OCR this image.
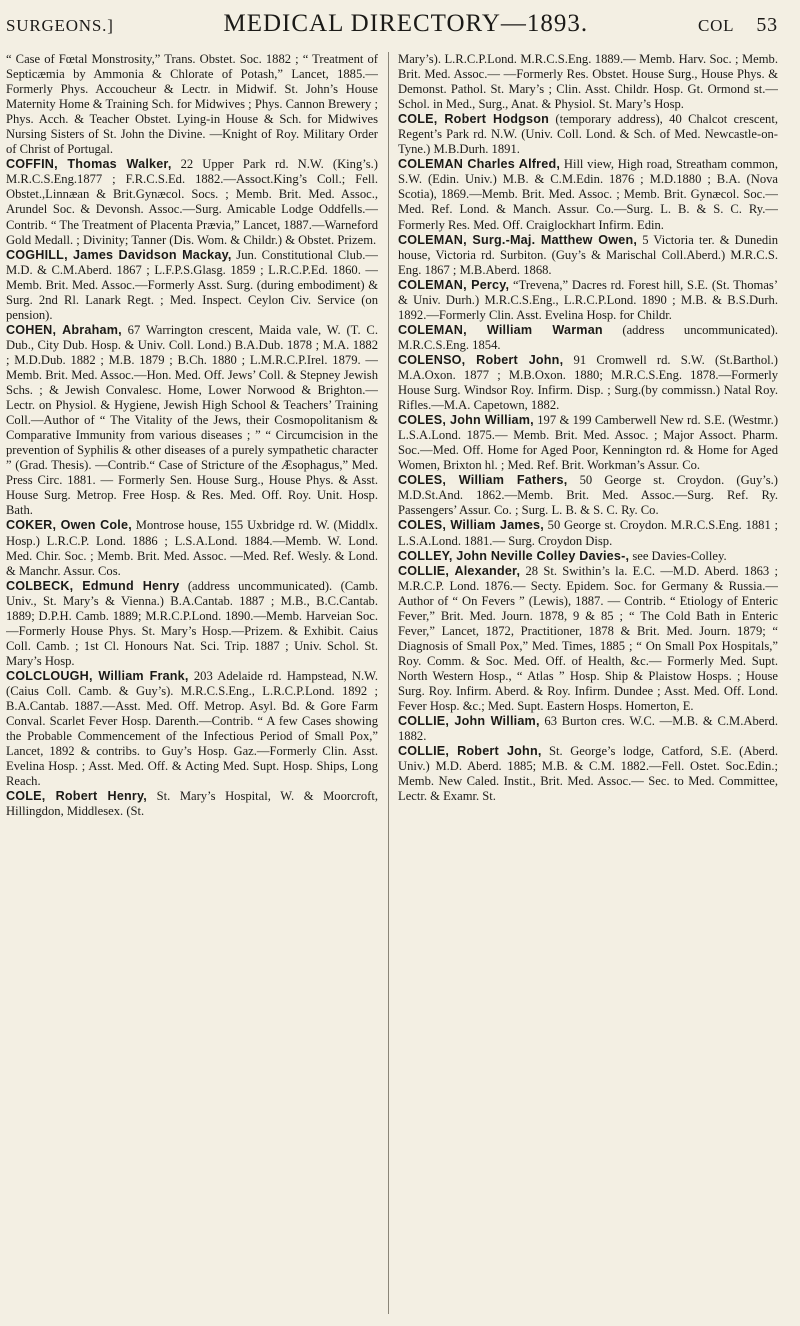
SURGEONS.]	MEDICAL DIRECTORY—1893.	COL 53

“ Case of Fœtal Monstrosity,” Trans. Obstet. Soc. 1882 ; “ Treatment of Septicæmia by Ammonia & Chlorate of Potash,” Lancet, 1885.—Formerly Phys. Accoucheur & Lectr. in Midwif. St. John’s House Maternity Home & Training Sch. for Midwives ; Phys. Cannon Brewery ; Phys. Acch. & Teacher Obstet. Lying-in House & Sch. for Midwives Nursing Sisters of St. John the Divine. —Knight of Roy. Military Order of Christ of Portugal.

COFFIN, Thomas Walker, 22 Upper Park rd. N.W. (King’s.) M.R.C.S.Eng.1877 ; F.R.C.S.Ed. 1882.—Assoct.King’s Coll.; Fell. Obstet.,Linnæan & Brit.Gynæcol. Socs. ; Memb. Brit. Med. Assoc., Arundel Soc. & Devonsh. Assoc.—Surg. Amicable Lodge Oddfells.—Contrib. “ The Treatment of Placenta Prævia,” Lancet, 1887.—Warneford Gold Medall. ; Divinity; Tanner (Dis. Wom. & Childr.) & Obstet. Prizem.

COGHILL, James Davidson Mackay, Jun. Constitutional Club.—M.D. & C.M.Aberd. 1867 ; L.F.P.S.Glasg. 1859 ; L.R.C.P.Ed. 1860. — Memb. Brit. Med. Assoc.—Formerly Asst. Surg. (during embodiment) & Surg. 2nd Rl. Lanark Regt. ; Med. Inspect. Ceylon Civ. Service (on pension).

COHEN, Abraham, 67 Warrington crescent, Maida vale, W. (T. C. Dub., City Dub. Hosp. & Univ. Coll. Lond.) B.A.Dub. 1878 ; M.A. 1882 ; M.D.Dub. 1882 ; M.B. 1879 ; B.Ch. 1880 ; L.M.R.C.P.Irel. 1879. — Memb. Brit. Med. Assoc.—Hon. Med. Off. Jews’ Coll. & Stepney Jewish Schs. ; & Jewish Convalesc. Home, Lower Norwood & Brighton.—Lectr. on Physiol. & Hygiene, Jewish High School & Teachers’ Training Coll.—Author of “ The Vitality of the Jews, their Cosmopolitanism & Comparative Immunity from various diseases ; ” “ Circumcision in the prevention of Syphilis & other diseases of a purely sympathetic character ” (Grad. Thesis). —Contrib.“ Case of Stricture of the Æsophagus,” Med. Press Circ. 1881. — Formerly Sen. House Surg., House Phys. & Asst. House Surg. Metrop. Free Hosp. & Res. Med. Off. Roy. Unit. Hosp. Bath.

COKER, Owen Cole, Montrose house, 155 Uxbridge rd. W. (Middlx. Hosp.) L.R.C.P. Lond. 1886 ; L.S.A.Lond. 1884.—Memb. W. Lond. Med. Chir. Soc. ; Memb. Brit. Med. Assoc. —Med. Ref. Wesly. & Lond. & Manchr. Assur. Cos.

COLBECK, Edmund Henry (address uncommunicated). (Camb. Univ., St. Mary’s & Vienna.) B.A.Cantab. 1887 ; M.B., B.C.Cantab. 1889; D.P.H. Camb. 1889; M.R.C.P.Lond. 1890.—Memb. Harveian Soc.—Formerly House Phys. St. Mary’s Hosp.—Prizem. & Exhibit. Caius Coll. Camb. ; 1st Cl. Honours Nat. Sci. Trip. 1887 ; Univ. Schol. St. Mary’s Hosp.

COLCLOUGH, William Frank, 203 Adelaide rd. Hampstead, N.W. (Caius Coll. Camb. & Guy’s). M.R.C.S.Eng., L.R.C.P.Lond. 1892 ; B.A.Cantab. 1887.—Asst. Med. Off. Metrop. Asyl. Bd. & Gore Farm Conval. Scarlet Fever Hosp. Darenth.—Contrib. “ A few Cases showing the Probable Commencement of the Infectious Period of Small Pox,” Lancet, 1892 & contribs. to Guy’s Hosp. Gaz.—Formerly Clin. Asst. Evelina Hosp. ; Asst. Med. Off. & Acting Med. Supt. Hosp. Ships, Long Reach.

COLE, Robert Henry, St. Mary’s Hospital, W. & Moorcroft, Hillingdon, Middlesex. (St.

Mary’s). L.R.C.P.Lond. M.R.C.S.Eng. 1889.— Memb. Harv. Soc. ; Memb. Brit. Med. Assoc.— —Formerly Res. Obstet. House Surg., House Phys. & Demonst. Pathol. St. Mary’s ; Clin. Asst. Childr. Hosp. Gt. Ormond st.—Schol. in Med., Surg., Anat. & Physiol. St. Mary’s Hosp.

COLE, Robert Hodgson (temporary address), 40 Chalcot crescent, Regent’s Park rd. N.W. (Univ. Coll. Lond. & Sch. of Med. Newcastle-on-Tyne.) M.B.Durh. 1891.

COLEMAN Charles Alfred, Hill view, High road, Streatham common, S.W. (Edin. Univ.) M.B. & C.M.Edin. 1876 ; M.D.1880 ; B.A. (Nova Scotia), 1869.—Memb. Brit. Med. Assoc. ; Memb. Brit. Gynæcol. Soc.—Med. Ref. Lond. & Manch. Assur. Co.—Surg. L. B. & S. C. Ry.—Formerly Res. Med. Off. Craiglockhart Infirm. Edin.

COLEMAN, Surg.-Maj. Matthew Owen, 5 Victoria ter. & Dunedin house, Victoria rd. Surbiton. (Guy’s & Marischal Coll.Aberd.) M.R.C.S. Eng. 1867 ; M.B.Aberd. 1868.

COLEMAN, Percy, “Trevena,” Dacres rd. Forest hill, S.E. (St. Thomas’ & Univ. Durh.) M.R.C.S.Eng., L.R.C.P.Lond. 1890 ; M.B. & B.S.Durh. 1892.—Formerly Clin. Asst. Evelina Hosp. for Childr.

COLEMAN, William Warman (address uncommunicated). M.R.C.S.Eng. 1854.

COLENSO, Robert John, 91 Cromwell rd. S.W. (St.Barthol.) M.A.Oxon. 1877 ; M.B.Oxon. 1880; M.R.C.S.Eng. 1878.—Formerly House Surg. Windsor Roy. Infirm. Disp. ; Surg.(by commissn.) Natal Roy. Rifles.—M.A. Capetown, 1882.

COLES, John William, 197 & 199 Camberwell New rd. S.E. (Westmr.) L.S.A.Lond. 1875.— Memb. Brit. Med. Assoc. ; Major Assoct. Pharm. Soc.—Med. Off. Home for Aged Poor, Kennington rd. & Home for Aged Women, Brixton hl. ; Med. Ref. Brit. Workman’s Assur. Co.

COLES, William Fathers, 50 George st. Croydon. (Guy’s.) M.D.St.And. 1862.—Memb. Brit. Med. Assoc.—Surg. Ref. Ry. Passengers’ Assur. Co. ; Surg. L. B. & S. C. Ry. Co.

COLES, William James, 50 George st. Croydon. M.R.C.S.Eng. 1881 ; L.S.A.Lond. 1881.— Surg. Croydon Disp.

COLLEY, John Neville Colley Davies-, see Davies-Colley.

COLLIE, Alexander, 28 St. Swithin’s la. E.C. —M.D. Aberd. 1863 ; M.R.C.P. Lond. 1876.— Secty. Epidem. Soc. for Germany & Russia.— Author of “ On Fevers ” (Lewis), 1887. — Contrib. “ Etiology of Enteric Fever,” Brit. Med. Journ. 1878, 9 & 85 ; “ The Cold Bath in Enteric Fever,” Lancet, 1872, Practitioner, 1878 & Brit. Med. Journ. 1879; “ Diagnosis of Small Pox,” Med. Times, 1885 ; “ On Small Pox Hospitals,” Roy. Comm. & Soc. Med. Off. of Health, &c.— Formerly Med. Supt. North Western Hosp., “ Atlas ” Hosp. Ship & Plaistow Hosps. ; House Surg. Roy. Infirm. Aberd. & Roy. Infirm. Dundee ; Asst. Med. Off. Lond. Fever Hosp. &c.; Med. Supt. Eastern Hosps. Homerton, E.

COLLIE, John William, 63 Burton cres. W.C. —M.B. & C.M.Aberd. 1882.

COLLIE, Robert John, St. George’s lodge, Catford, S.E. (Aberd. Univ.) M.D. Aberd. 1885; M.B. & C.M. 1882.—Fell. Ostet. Soc.Edin.; Memb. New Caled. Instit., Brit. Med. Assoc.— Sec. to Med. Committee, Lectr. & Examr. St.
